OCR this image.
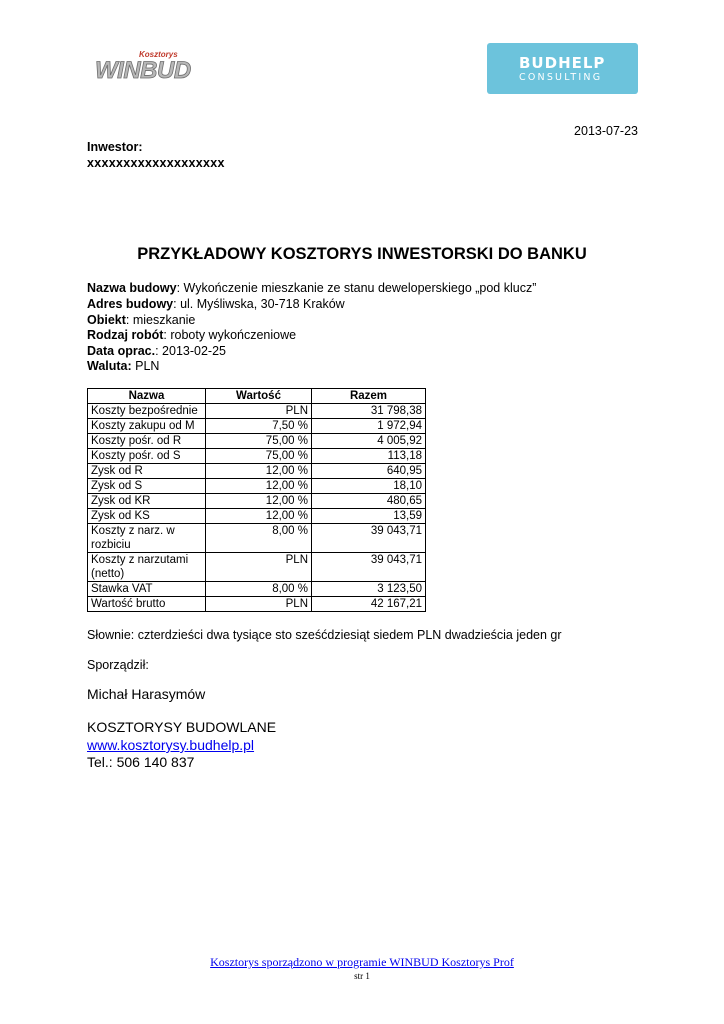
Kosztorys
WINBUD	BUDHELP
CONSULTING
2013-07-23
Inwestor:
xxxxxxxxxxxxxxxxxxx
PRZYKŁADOWY KOSZTORYS INWESTORSKI DO BANKU
Nazwa budowy: Wykończenie mieszkanie ze stanu deweloperskiego „pod klucz”
Adres budowy: ul. Myśliwska, 30-718 Kraków
Obiekt: mieszkanie
Rodzaj robót: roboty wykończeniowe
Data oprac.: 2013-02-25
Waluta: PLN
Nazwa	Wartość	Razem
Koszty bezpośrednie	PLN	31 798,38
Koszty zakupu od M	7,50 %	1 972,94
Koszty pośr. od R	75,00 %	4 005,92
Koszty pośr. od S	75,00 %	113,18
Zysk od R	12,00 %	640,95
Zysk od S	12,00 %	18,10
Zysk od KR	12,00 %	480,65
Zysk od KS	12,00 %	13,59
Koszty z narz. w rozbiciu	8,00 %	39 043,71
Koszty z narzutami (netto)	PLN	39 043,71
Stawka VAT	8,00 %	3 123,50
Wartość brutto	PLN	42 167,21
Słownie: czterdzieści dwa tysiące sto sześćdziesiąt siedem PLN dwadzieścia jeden gr
Sporządził:
Michał Harasymów
KOSZTORYSY BUDOWLANE
www.kosztorysy.budhelp.pl
Tel.: 506 140 837
Kosztorys sporządzono w programie WINBUD Kosztorys Prof
str 1
